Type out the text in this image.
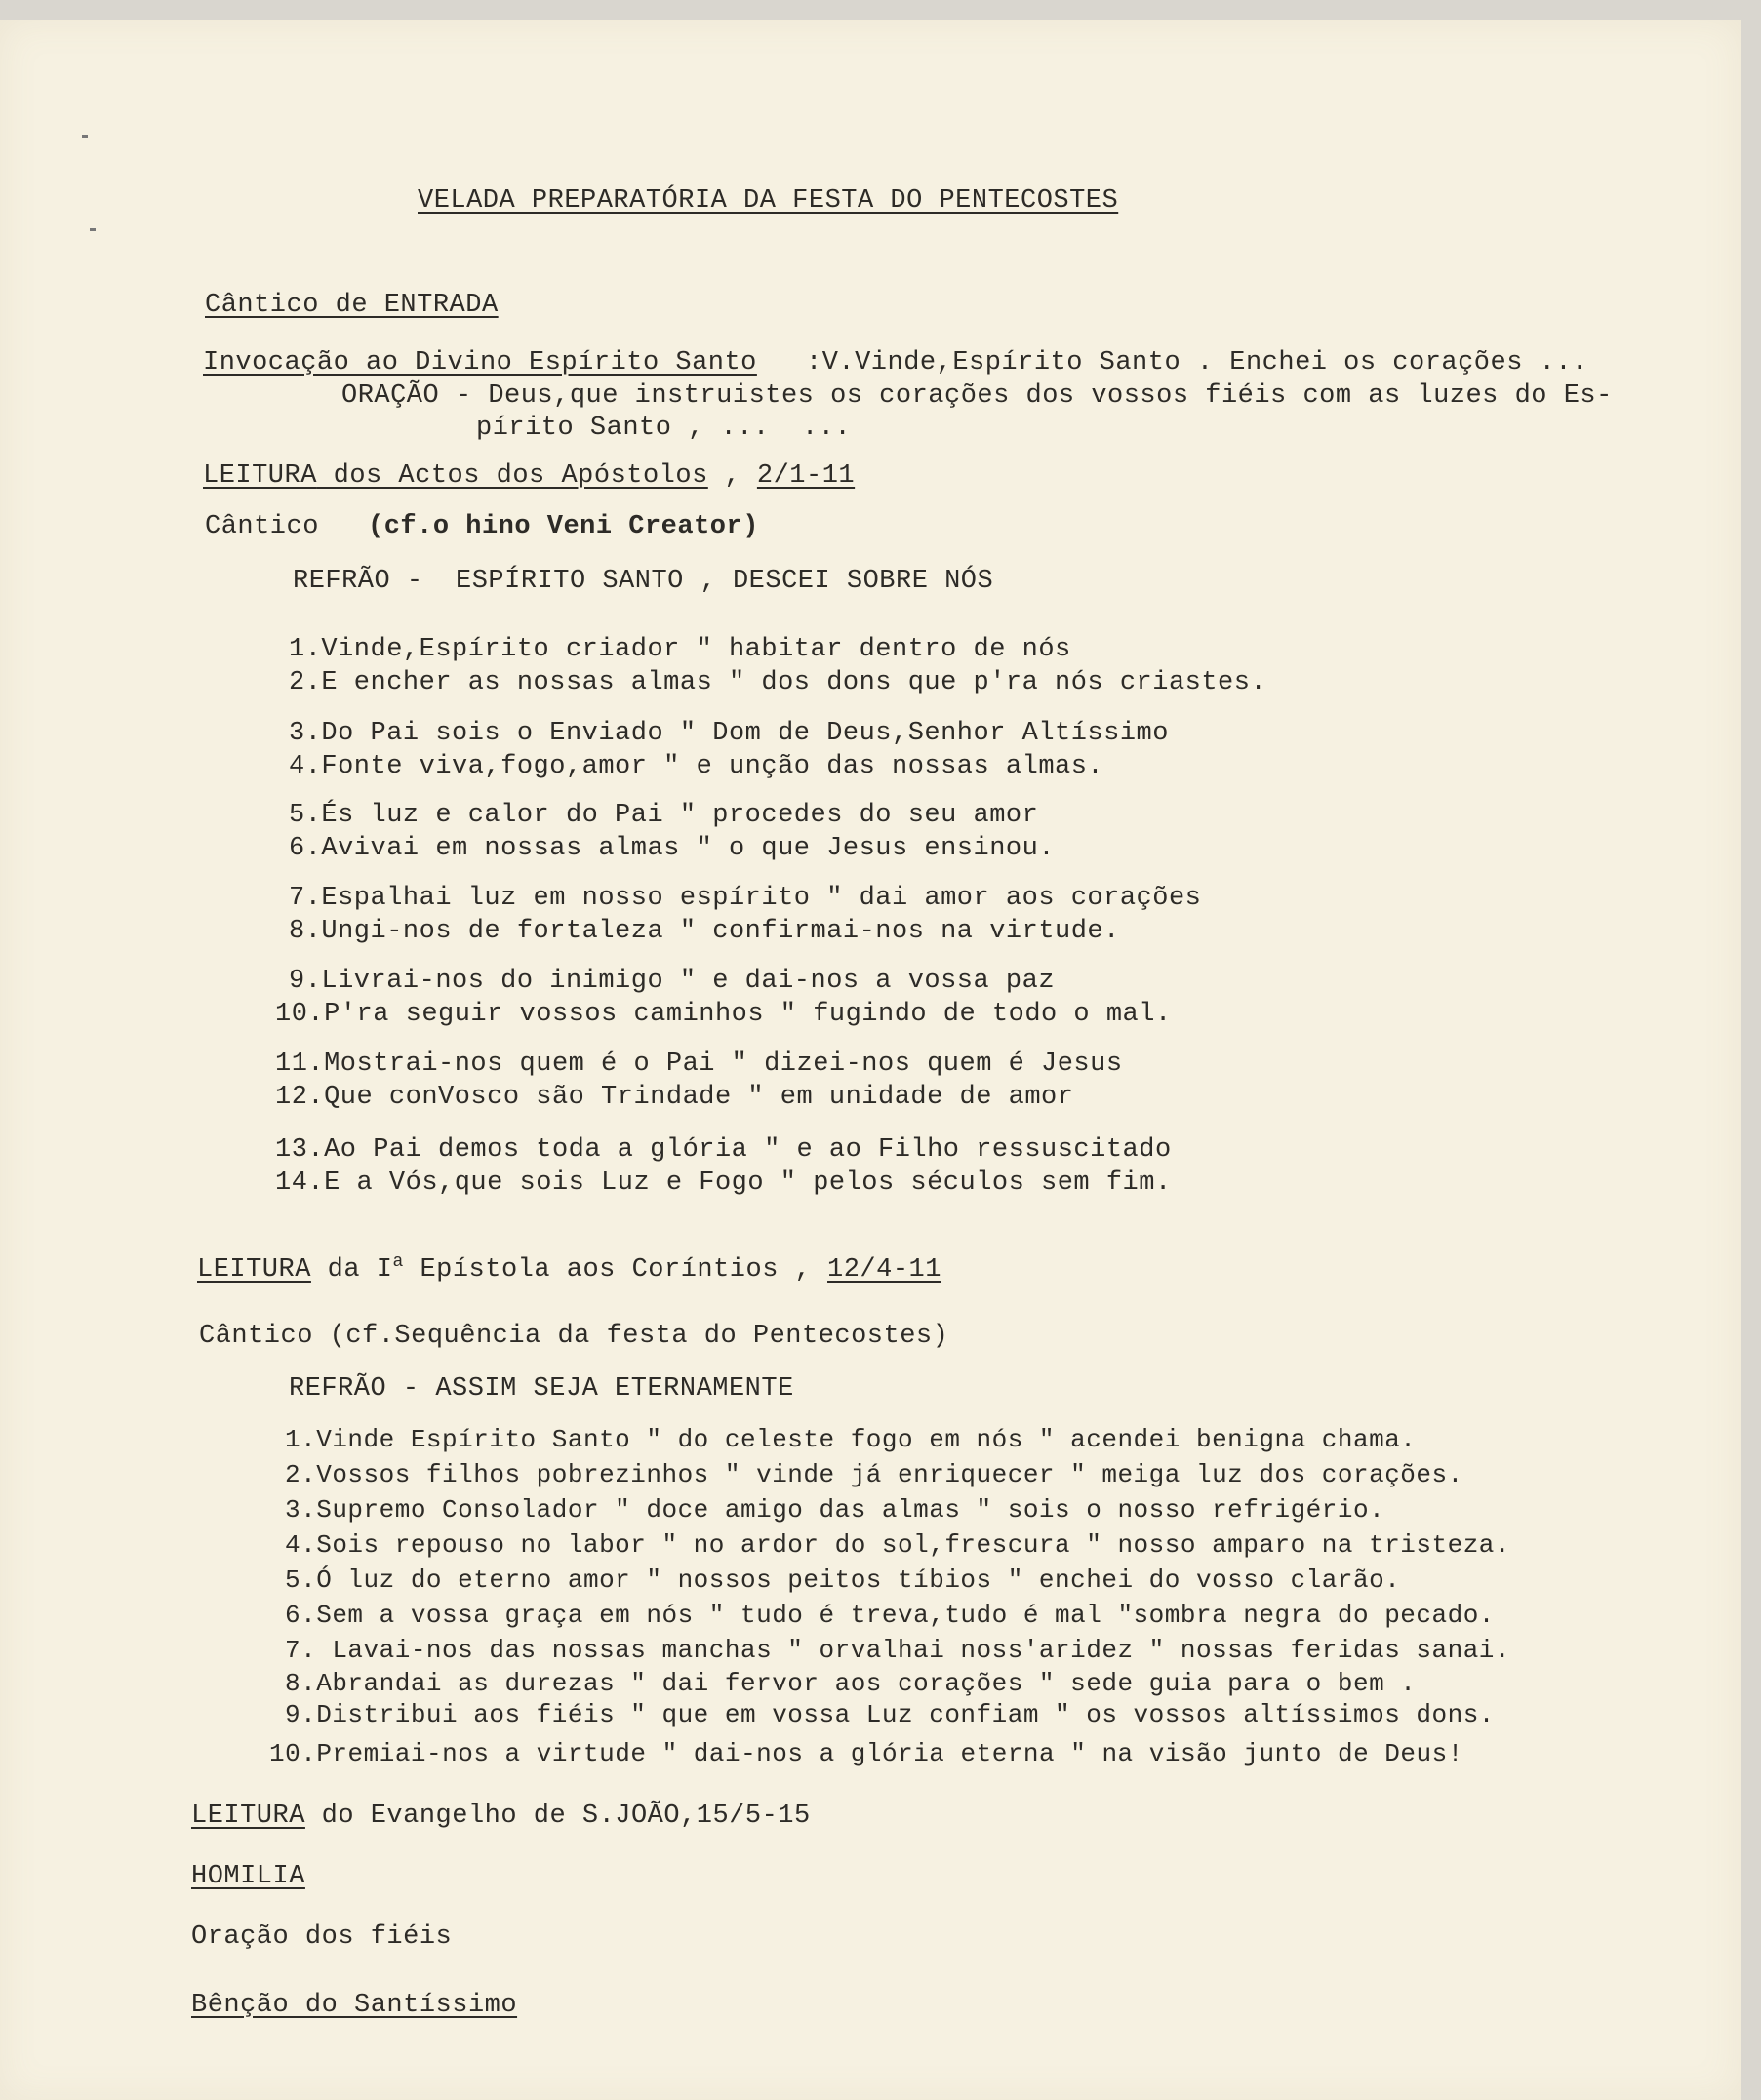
VELADA PREPARATÓRIA DA FESTA DO PENTECOSTES
Cântico de ENTRADA
Invocação ao Divino Espírito Santo :V.Vinde,Espírito Santo . Enchei os corações ...
ORAÇÃO - Deus,que instruistes os corações dos vossos fiéis com as luzes do Es-
pírito Santo , ...  ...
LEITURA dos Actos dos Apóstolos , 2/1-11
Cântico (cf.o hino Veni Creator)
REFRÃO -  ESPÍRITO SANTO , DESCEI SOBRE NÓS
1.Vinde,Espírito criador " habitar dentro de nós
2.E encher as nossas almas " dos dons que p'ra nós criastes.
3.Do Pai sois o Enviado " Dom de Deus,Senhor Altíssimo
4.Fonte viva,fogo,amor " e unção das nossas almas.
5.És luz e calor do Pai " procedes do seu amor
6.Avivai em nossas almas " o que Jesus ensinou.
7.Espalhai luz em nosso espírito " dai amor aos corações
8.Ungi-nos de fortaleza " confirmai-nos na virtude.
9.Livrai-nos do inimigo " e dai-nos a vossa paz
10.P'ra seguir vossos caminhos " fugindo de todo o mal.
11.Mostrai-nos quem é o Pai " dizei-nos quem é Jesus
12.Que conVosco são Trindade " em unidade de amor
13.Ao Pai demos toda a glória " e ao Filho ressuscitado
14.E a Vós,que sois Luz e Fogo " pelos séculos sem fim.
LEITURA da $I^a$ Epístola aos Coríntios , 12/4-11
Cântico (cf.Sequência da festa do Pentecostes)
REFRÃO - ASSIM SEJA ETERNAMENTE
1.Vinde Espírito Santo " do celeste fogo em nós " acendei benigna chama.
2.Vossos filhos pobrezinhos " vinde já enriquecer " meiga luz dos corações.
3.Supremo Consolador " doce amigo das almas " sois o nosso refrigério.
4.Sois repouso no labor " no ardor do sol,frescura " nosso amparo na tristeza.
5.Ó luz do eterno amor " nossos peitos tíbios " enchei do vosso clarão.
6.Sem a vossa graça em nós " tudo é treva,tudo é mal "sombra negra do pecado.
7. Lavai-nos das nossas manchas " orvalhai noss'aridez " nossas feridas sanai.
8.Abrandai as durezas " dai fervor aos corações " sede guia para o bem .
9.Distribui aos fiéis " que em vossa Luz confiam " os vossos altíssimos dons.
10.Premiai-nos a virtude " dai-nos a glória eterna " na visão junto de Deus!
LEITURA do Evangelho de S.JOÃO,15/5-15
HOMILIA
Oração dos fiéis
Bênção do Santíssimo
